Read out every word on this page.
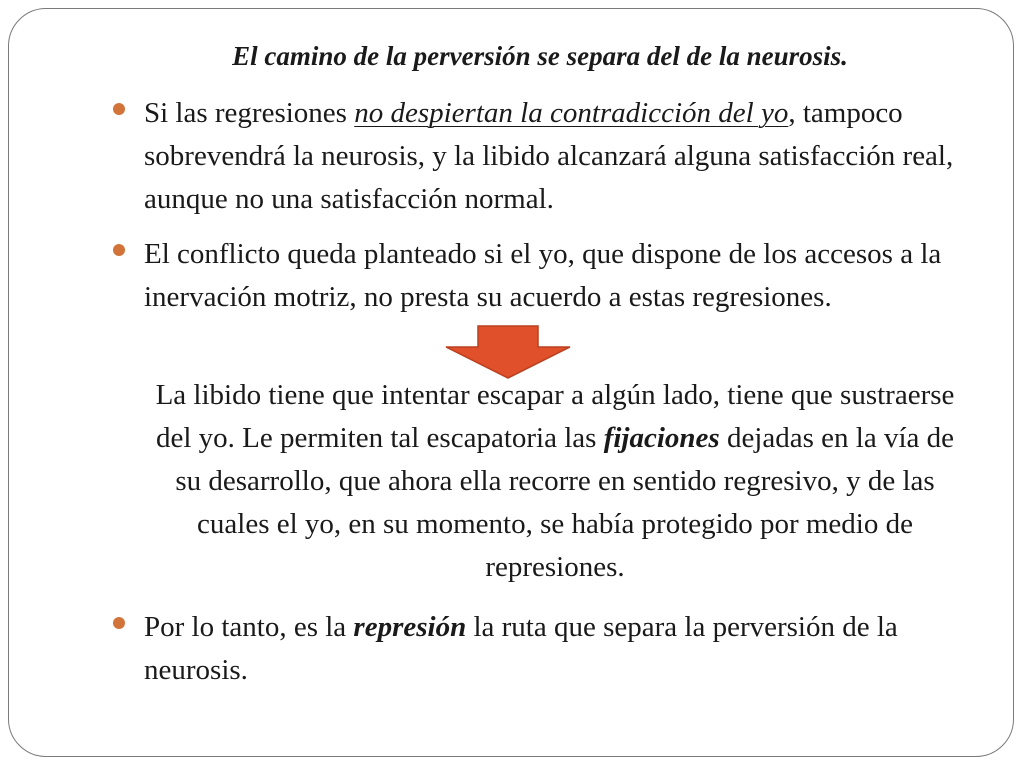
El camino de la perversión se separa del de la neurosis.
Si las regresiones no despiertan la contradicción del yo, tampoco sobrevendrá la neurosis, y la libido alcanzará alguna satisfacción real, aunque no una satisfacción normal.
El conflicto queda planteado si el yo, que dispone de los accesos a la inervación motriz, no presta su acuerdo a estas regresiones.
La libido tiene que intentar escapar a algún lado, tiene que sustraerse del yo. Le permiten tal escapatoria las fijaciones dejadas en la vía de su desarrollo, que ahora ella recorre en sentido regresivo, y de las cuales el yo, en su momento, se había protegido por medio de represiones.
Por lo tanto, es la represión la ruta que separa la perversión de la neurosis.
